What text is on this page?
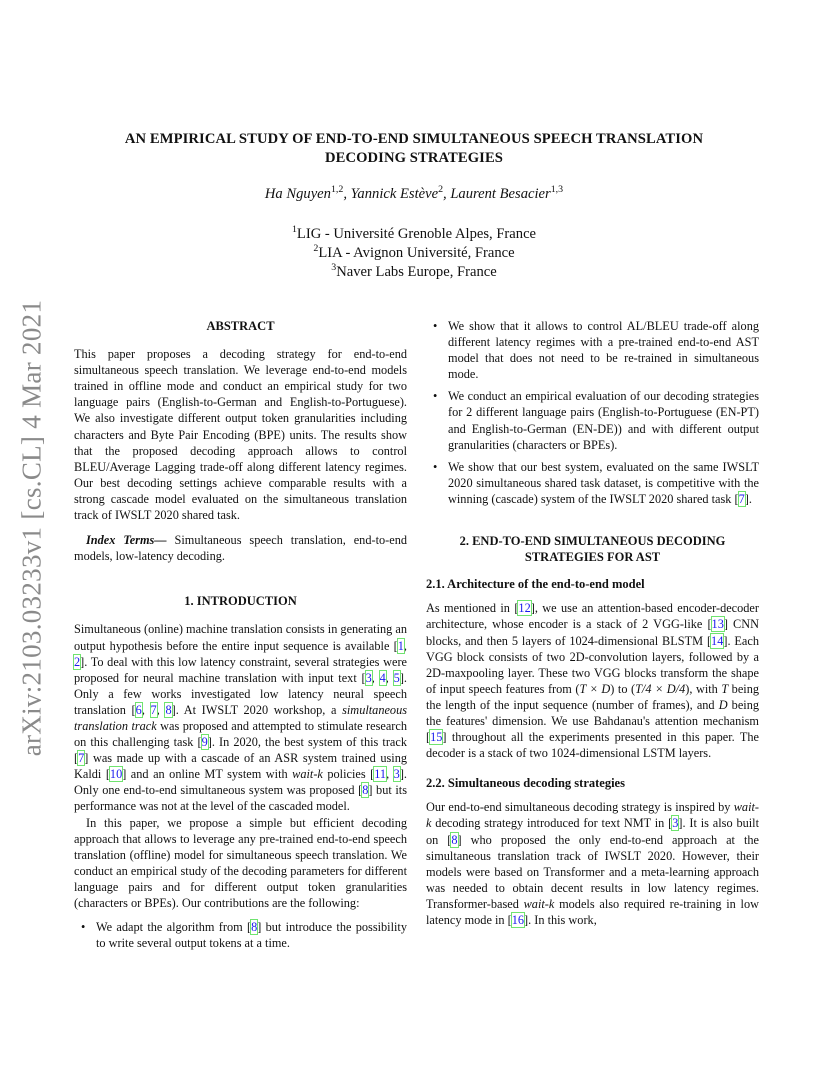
arXiv:2103.03233v1 [cs.CL] 4 Mar 2021
AN EMPIRICAL STUDY OF END-TO-END SIMULTANEOUS SPEECH TRANSLATION
DECODING STRATEGIES
Ha Nguyen$^{1,2}$, Yannick Estève$^2$, Laurent Besacier$^{1,3}$
$^1$LIG - Université Grenoble Alpes, France
$^2$LIA - Avignon Université, France
$^3$Naver Labs Europe, France
ABSTRACT

This paper proposes a decoding strategy for end-to-end simultaneous speech translation. We leverage end-to-end models trained in offline mode and conduct an empirical study for two language pairs (English-to-German and English-to-Portuguese). We also investigate different output token granularities including characters and Byte Pair Encoding (BPE) units. The results show that the proposed decoding approach allows to control BLEU/Average Lagging trade-off along different latency regimes. Our best decoding settings achieve comparable results with a strong cascade model evaluated on the simultaneous translation track of IWSLT 2020 shared task.

Index Terms— Simultaneous speech translation, end-to-end models, low-latency decoding.

1. INTRODUCTION

Simultaneous (online) machine translation consists in generating an output hypothesis before the entire input sequence is available [1, 2]. To deal with this low latency constraint, several strategies were proposed for neural machine translation with input text [3, 4, 5]. Only a few works investigated low latency neural speech translation [6, 7, 8]. At IWSLT 2020 workshop, a simultaneous translation track was proposed and attempted to stimulate research on this challenging task [9]. In 2020, the best system of this track [7] was made up with a cascade of an ASR system trained using Kaldi [10] and an online MT system with wait-k policies [11, 3]. Only one end-to-end simultaneous system was proposed [8] but its performance was not at the level of the cascaded model.

In this paper, we propose a simple but efficient decoding approach that allows to leverage any pre-trained end-to-end speech translation (offline) model for simultaneous speech translation. We conduct an empirical study of the decoding parameters for different language pairs and for different output token granularities (characters or BPEs). Our contributions are the following:

• We adapt the algorithm from [8] but introduce the possibility to write several output tokens at a time.
• We show that it allows to control AL/BLEU trade-off along different latency regimes with a pre-trained end-to-end AST model that does not need to be re-trained in simultaneous mode.
• We conduct an empirical evaluation of our decoding strategies for 2 different language pairs (English-to-Portuguese (EN-PT) and English-to-German (EN-DE)) and with different output granularities (characters or BPEs).
• We show that our best system, evaluated on the same IWSLT 2020 simultaneous shared task dataset, is competitive with the winning (cascade) system of the IWSLT 2020 shared task [7].
2. END-TO-END SIMULTANEOUS DECODING
STRATEGIES FOR AST
2.1. Architecture of the end-to-end model

As mentioned in [12], we use an attention-based encoder-decoder architecture, whose encoder is a stack of 2 VGG-like [13] CNN blocks, and then 5 layers of 1024-dimensional BLSTM [14]. Each VGG block consists of two 2D-convolution layers, followed by a 2D-maxpooling layer. These two VGG blocks transform the shape of input speech features from (T × D) to (T/4 × D/4), with T being the length of the input sequence (number of frames), and D being the features' dimension. We use Bahdanau's attention mechanism [15] throughout all the experiments presented in this paper. The decoder is a stack of two 1024-dimensional LSTM layers.

2.2. Simultaneous decoding strategies

Our end-to-end simultaneous decoding strategy is inspired by wait-k decoding strategy introduced for text NMT in [3]. It is also built on [8] who proposed the only end-to-end approach at the simultaneous translation track of IWSLT 2020. However, their models were based on Transformer and a meta-learning approach was needed to obtain decent results in low latency regimes. Transformer-based wait-k models also required re-training in low latency mode in [16]. In this work,
